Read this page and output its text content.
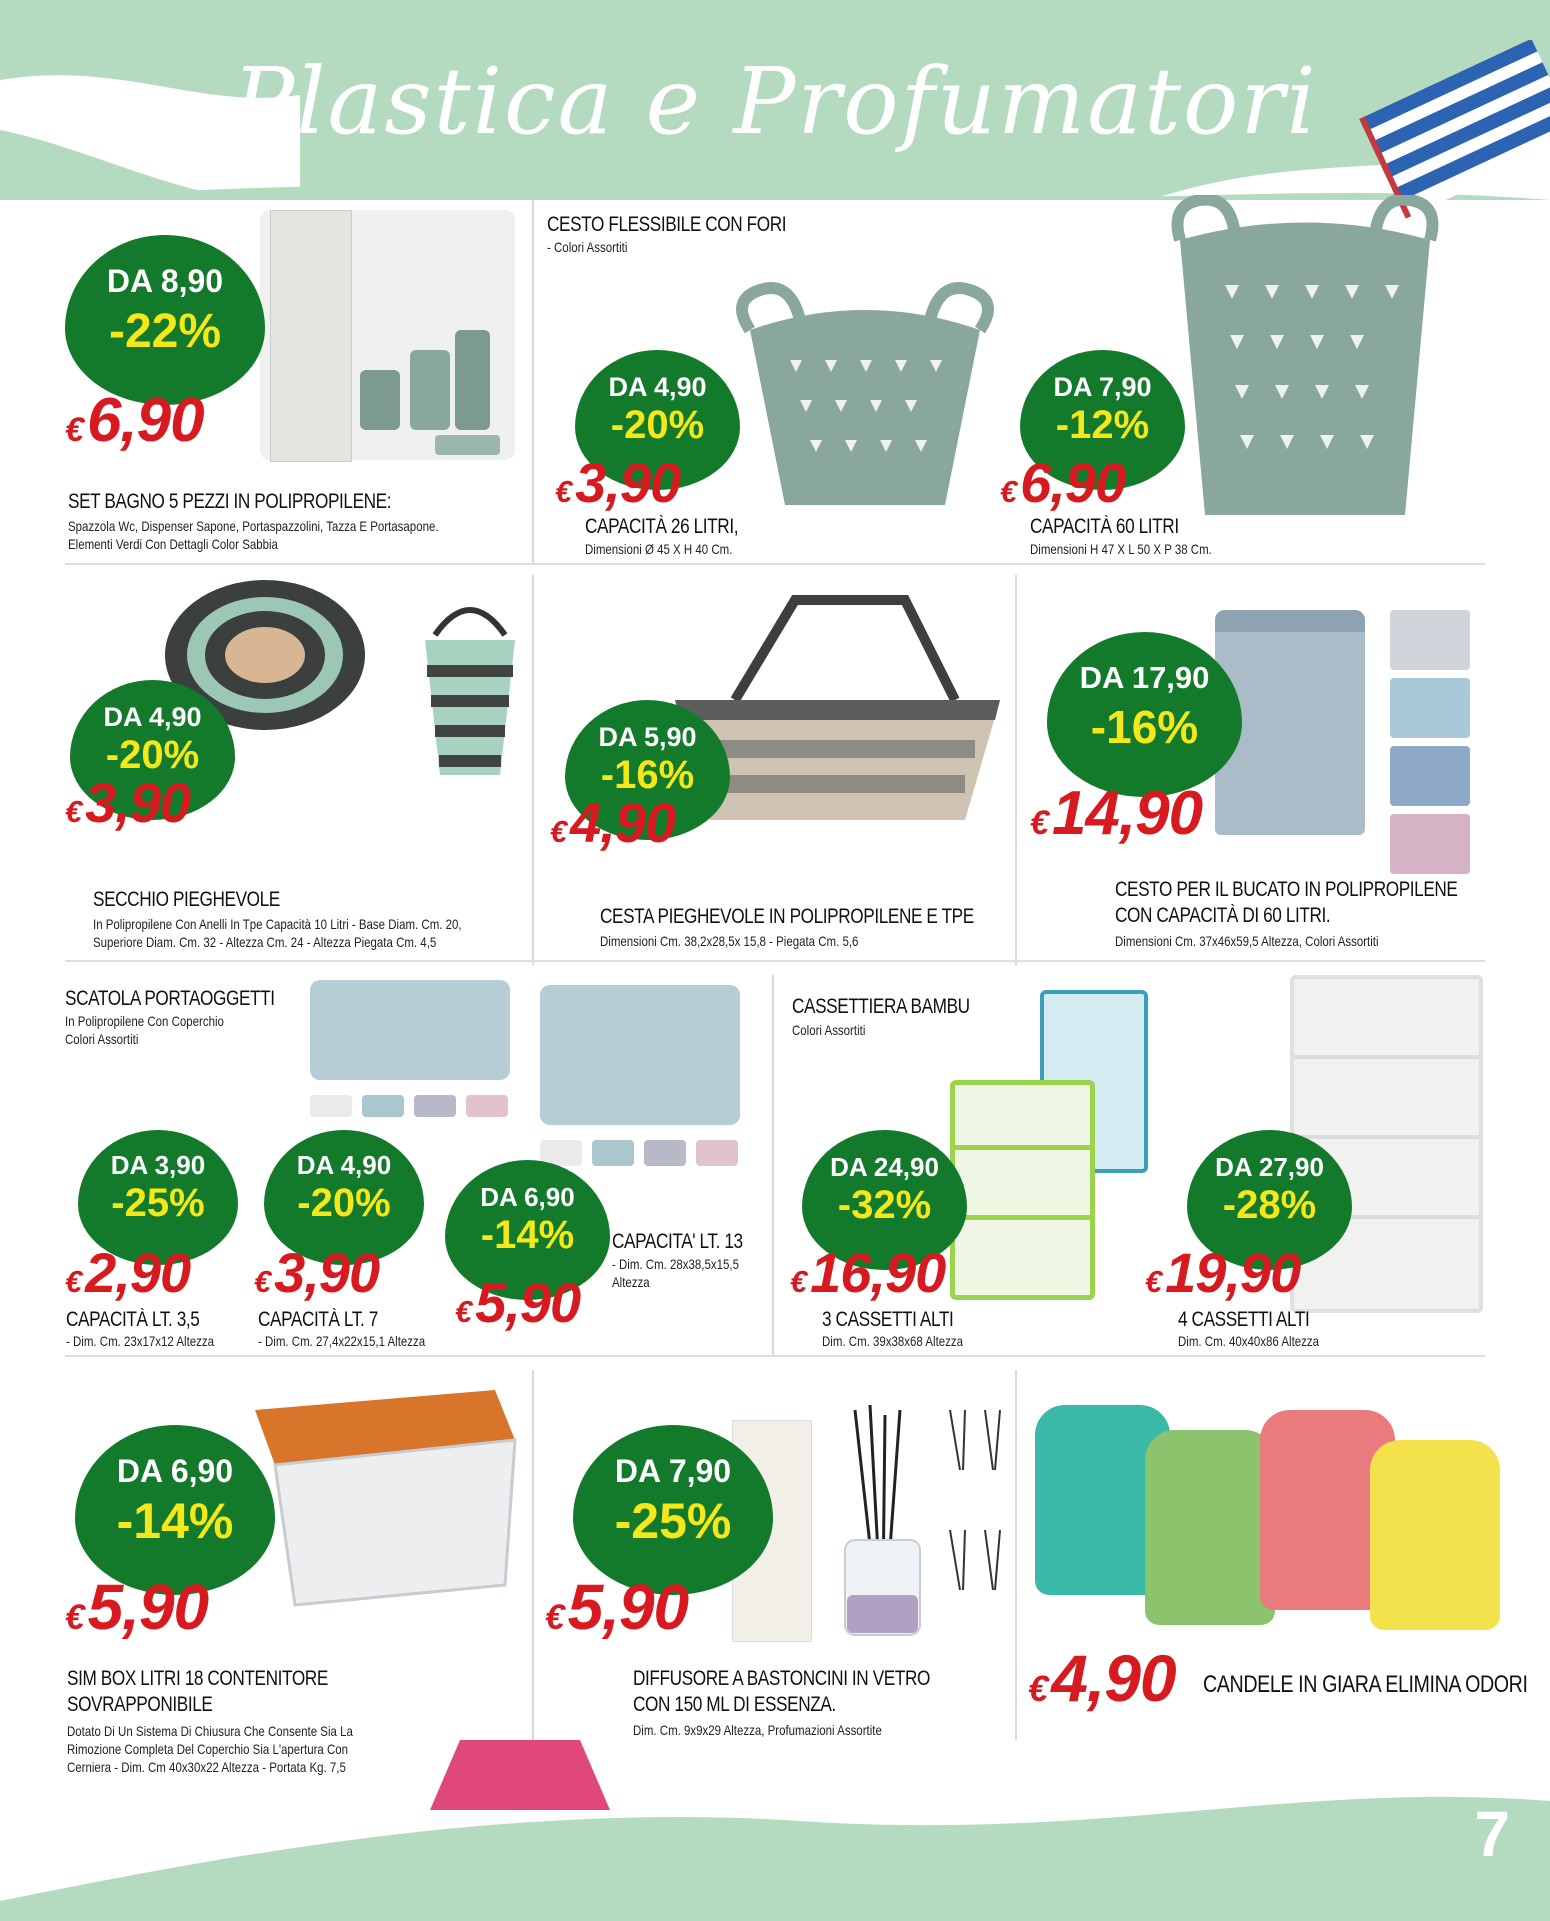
Plastica e Profumatori
DA 8,90
-22%
€6,90
SET BAGNO 5 PEZZI IN POLIPROPILENE:
Spazzola Wc, Dispenser Sapone, Portaspazzolini, Tazza E Portasapone.
Elementi Verdi Con Dettagli Color Sabbia
CESTO FLESSIBILE CON FORI
- Colori Assortiti
DA 4,90
-20%
€3,90
CAPACITÀ 26 LITRI,
Dimensioni Ø 45 X H 40 Cm.
DA 7,90
-12%
€6,90
CAPACITÀ 60 LITRI
Dimensioni H 47 X L 50 X P 38 Cm.
DA 4,90
-20%
€3,90
SECCHIO PIEGHEVOLE
In Polipropilene Con Anelli In Tpe Capacità 10 Litri - Base Diam. Cm. 20,
Superiore Diam. Cm. 32 - Altezza Cm. 24 - Altezza Piegata Cm. 4,5
DA 5,90
-16%
€4,90
CESTA PIEGHEVOLE IN POLIPROPILENE E TPE
Dimensioni Cm. 38,2x28,5x 15,8 - Piegata Cm. 5,6
DA 17,90
-16%
€14,90
CESTO PER IL BUCATO IN POLIPROPILENE
CON CAPACITÀ DI 60 LITRI.
Dimensioni Cm. 37x46x59,5 Altezza, Colori Assortiti
SCATOLA PORTAOGGETTI
In Polipropilene Con Coperchio
Colori Assortiti
DA 3,90
-25%
€2,90
CAPACITÀ LT. 3,5
- Dim. Cm. 23x17x12 Altezza
DA 4,90
-20%
€3,90
CAPACITÀ LT. 7
- Dim. Cm. 27,4x22x15,1 Altezza
DA 6,90
-14%
€5,90
CAPACITA' LT. 13
- Dim. Cm. 28x38,5x15,5
Altezza
CASSETTIERA BAMBU
Colori Assortiti
DA 24,90
-32%
€16,90
3 CASSETTI ALTI
Dim. Cm. 39x38x68 Altezza
DA 27,90
-28%
€19,90
4 CASSETTI ALTI
Dim. Cm. 40x40x86 Altezza
DA 6,90
-14%
€5,90
SIM BOX LITRI 18 CONTENITORE
SOVRAPPONIBILE
Dotato Di Un Sistema Di Chiusura Che Consente Sia La
Rimozione Completa Del Coperchio Sia L'apertura Con
Cerniera - Dim. Cm 40x30x22 Altezza - Portata Kg. 7,5
DA 7,90
-25%
€5,90
DIFFUSORE A BASTONCINI IN VETRO
CON 150 ML DI ESSENZA.
Dim. Cm. 9x9x29 Altezza, Profumazioni Assortite
€4,90 CANDELE IN GIARA ELIMINA ODORI
7
